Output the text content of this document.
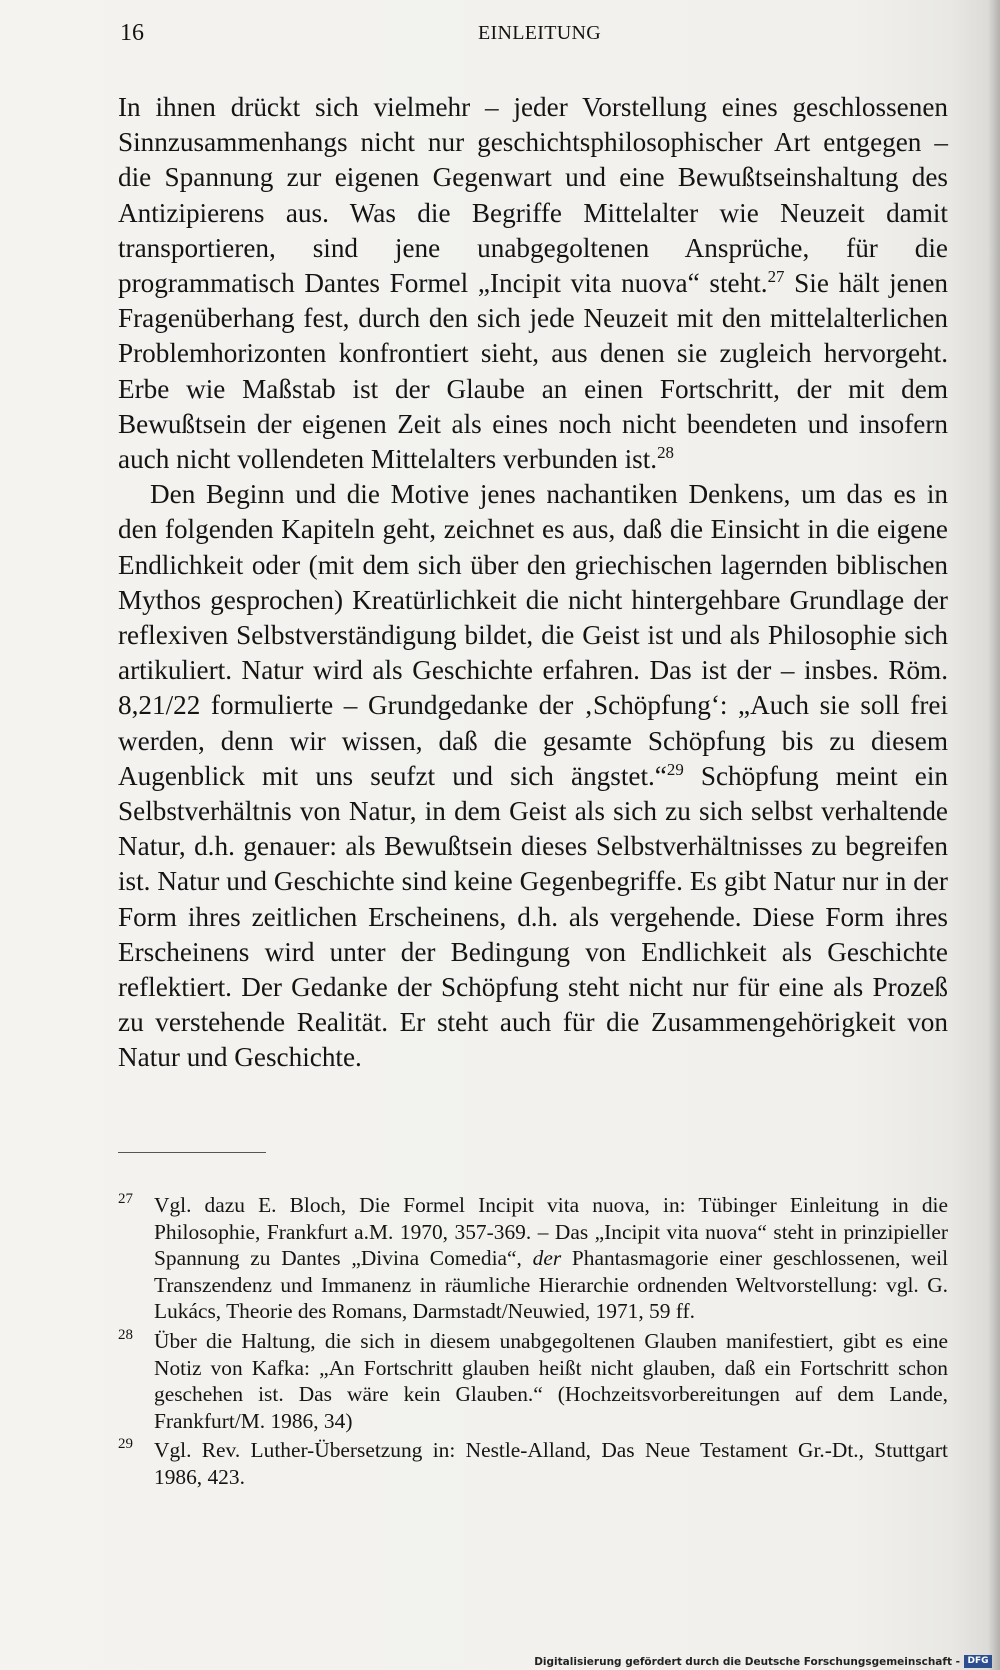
16	EINLEITUNG

In ihnen drückt sich vielmehr – jeder Vorstellung eines geschlossenen Sinnzusammenhangs nicht nur geschichtsphilosophischer Art entgegen – die Spannung zur eigenen Gegenwart und eine Bewußtseinshaltung des Antizipierens aus. Was die Begriffe Mittelalter wie Neuzeit damit transportieren, sind jene unabgegoltenen Ansprüche, für die programmatisch Dantes Formel „Incipit vita nuova“ steht.$^{27}$ Sie hält jenen Fragenüberhang fest, durch den sich jede Neuzeit mit den mittelalterlichen Problemhorizonten konfrontiert sieht, aus denen sie zugleich hervorgeht. Erbe wie Maßstab ist der Glaube an einen Fortschritt, der mit dem Bewußtsein der eigenen Zeit als eines noch nicht beendeten und insofern auch nicht vollendeten Mittelalters verbunden ist.$^{28}$

Den Beginn und die Motive jenes nachantiken Denkens, um das es in den folgenden Kapiteln geht, zeichnet es aus, daß die Einsicht in die eigene Endlichkeit oder (mit dem sich über den griechischen lagernden biblischen Mythos gesprochen) Kreatürlichkeit die nicht hintergehbare Grundlage der reflexiven Selbstverständigung bildet, die Geist ist und als Philosophie sich artikuliert. Natur wird als Geschichte erfahren. Das ist der – insbes. Röm. 8,21/22 formulierte – Grundgedanke der ‚Schöpfung‘: „Auch sie soll frei werden, denn wir wissen, daß die gesamte Schöpfung bis zu diesem Augenblick mit uns seufzt und sich ängstet.“$^{29}$ Schöpfung meint ein Selbstverhältnis von Natur, in dem Geist als sich zu sich selbst verhaltende Natur, d.h. genauer: als Bewußtsein dieses Selbstverhältnisses zu begreifen ist. Natur und Geschichte sind keine Gegenbegriffe. Es gibt Natur nur in der Form ihres zeitlichen Erscheinens, d.h. als vergehende. Diese Form ihres Erscheinens wird unter der Bedingung von Endlichkeit als Geschichte reflektiert. Der Gedanke der Schöpfung steht nicht nur für eine als Prozeß zu verstehende Realität. Er steht auch für die Zusammengehörigkeit von Natur und Geschichte.

27 Vgl. dazu E. Bloch, Die Formel Incipit vita nuova, in: Tübinger Einleitung in die Philosophie, Frankfurt a.M. 1970, 357-369. – Das „Incipit vita nuova“ steht in prinzipieller Spannung zu Dantes „Divina Comedia“, der Phantasmagorie einer geschlossenen, weil Transzendenz und Immanenz in räumliche Hierarchie ordnenden Weltvorstellung: vgl. G. Lukács, Theorie des Romans, Darmstadt/Neuwied, 1971, 59 ff.
28 Über die Haltung, die sich in diesem unabgegoltenen Glauben manifestiert, gibt es eine Notiz von Kafka: „An Fortschritt glauben heißt nicht glauben, daß ein Fortschritt schon geschehen ist. Das wäre kein Glauben.“ (Hochzeitsvorbereitungen auf dem Lande, Frankfurt/M. 1986, 34)
29 Vgl. Rev. Luther-Übersetzung in: Nestle-Alland, Das Neue Testament Gr.-Dt., Stuttgart 1986, 423.
Digitalisierung gefördert durch die Deutsche Forschungsgemeinschaft - DFG
